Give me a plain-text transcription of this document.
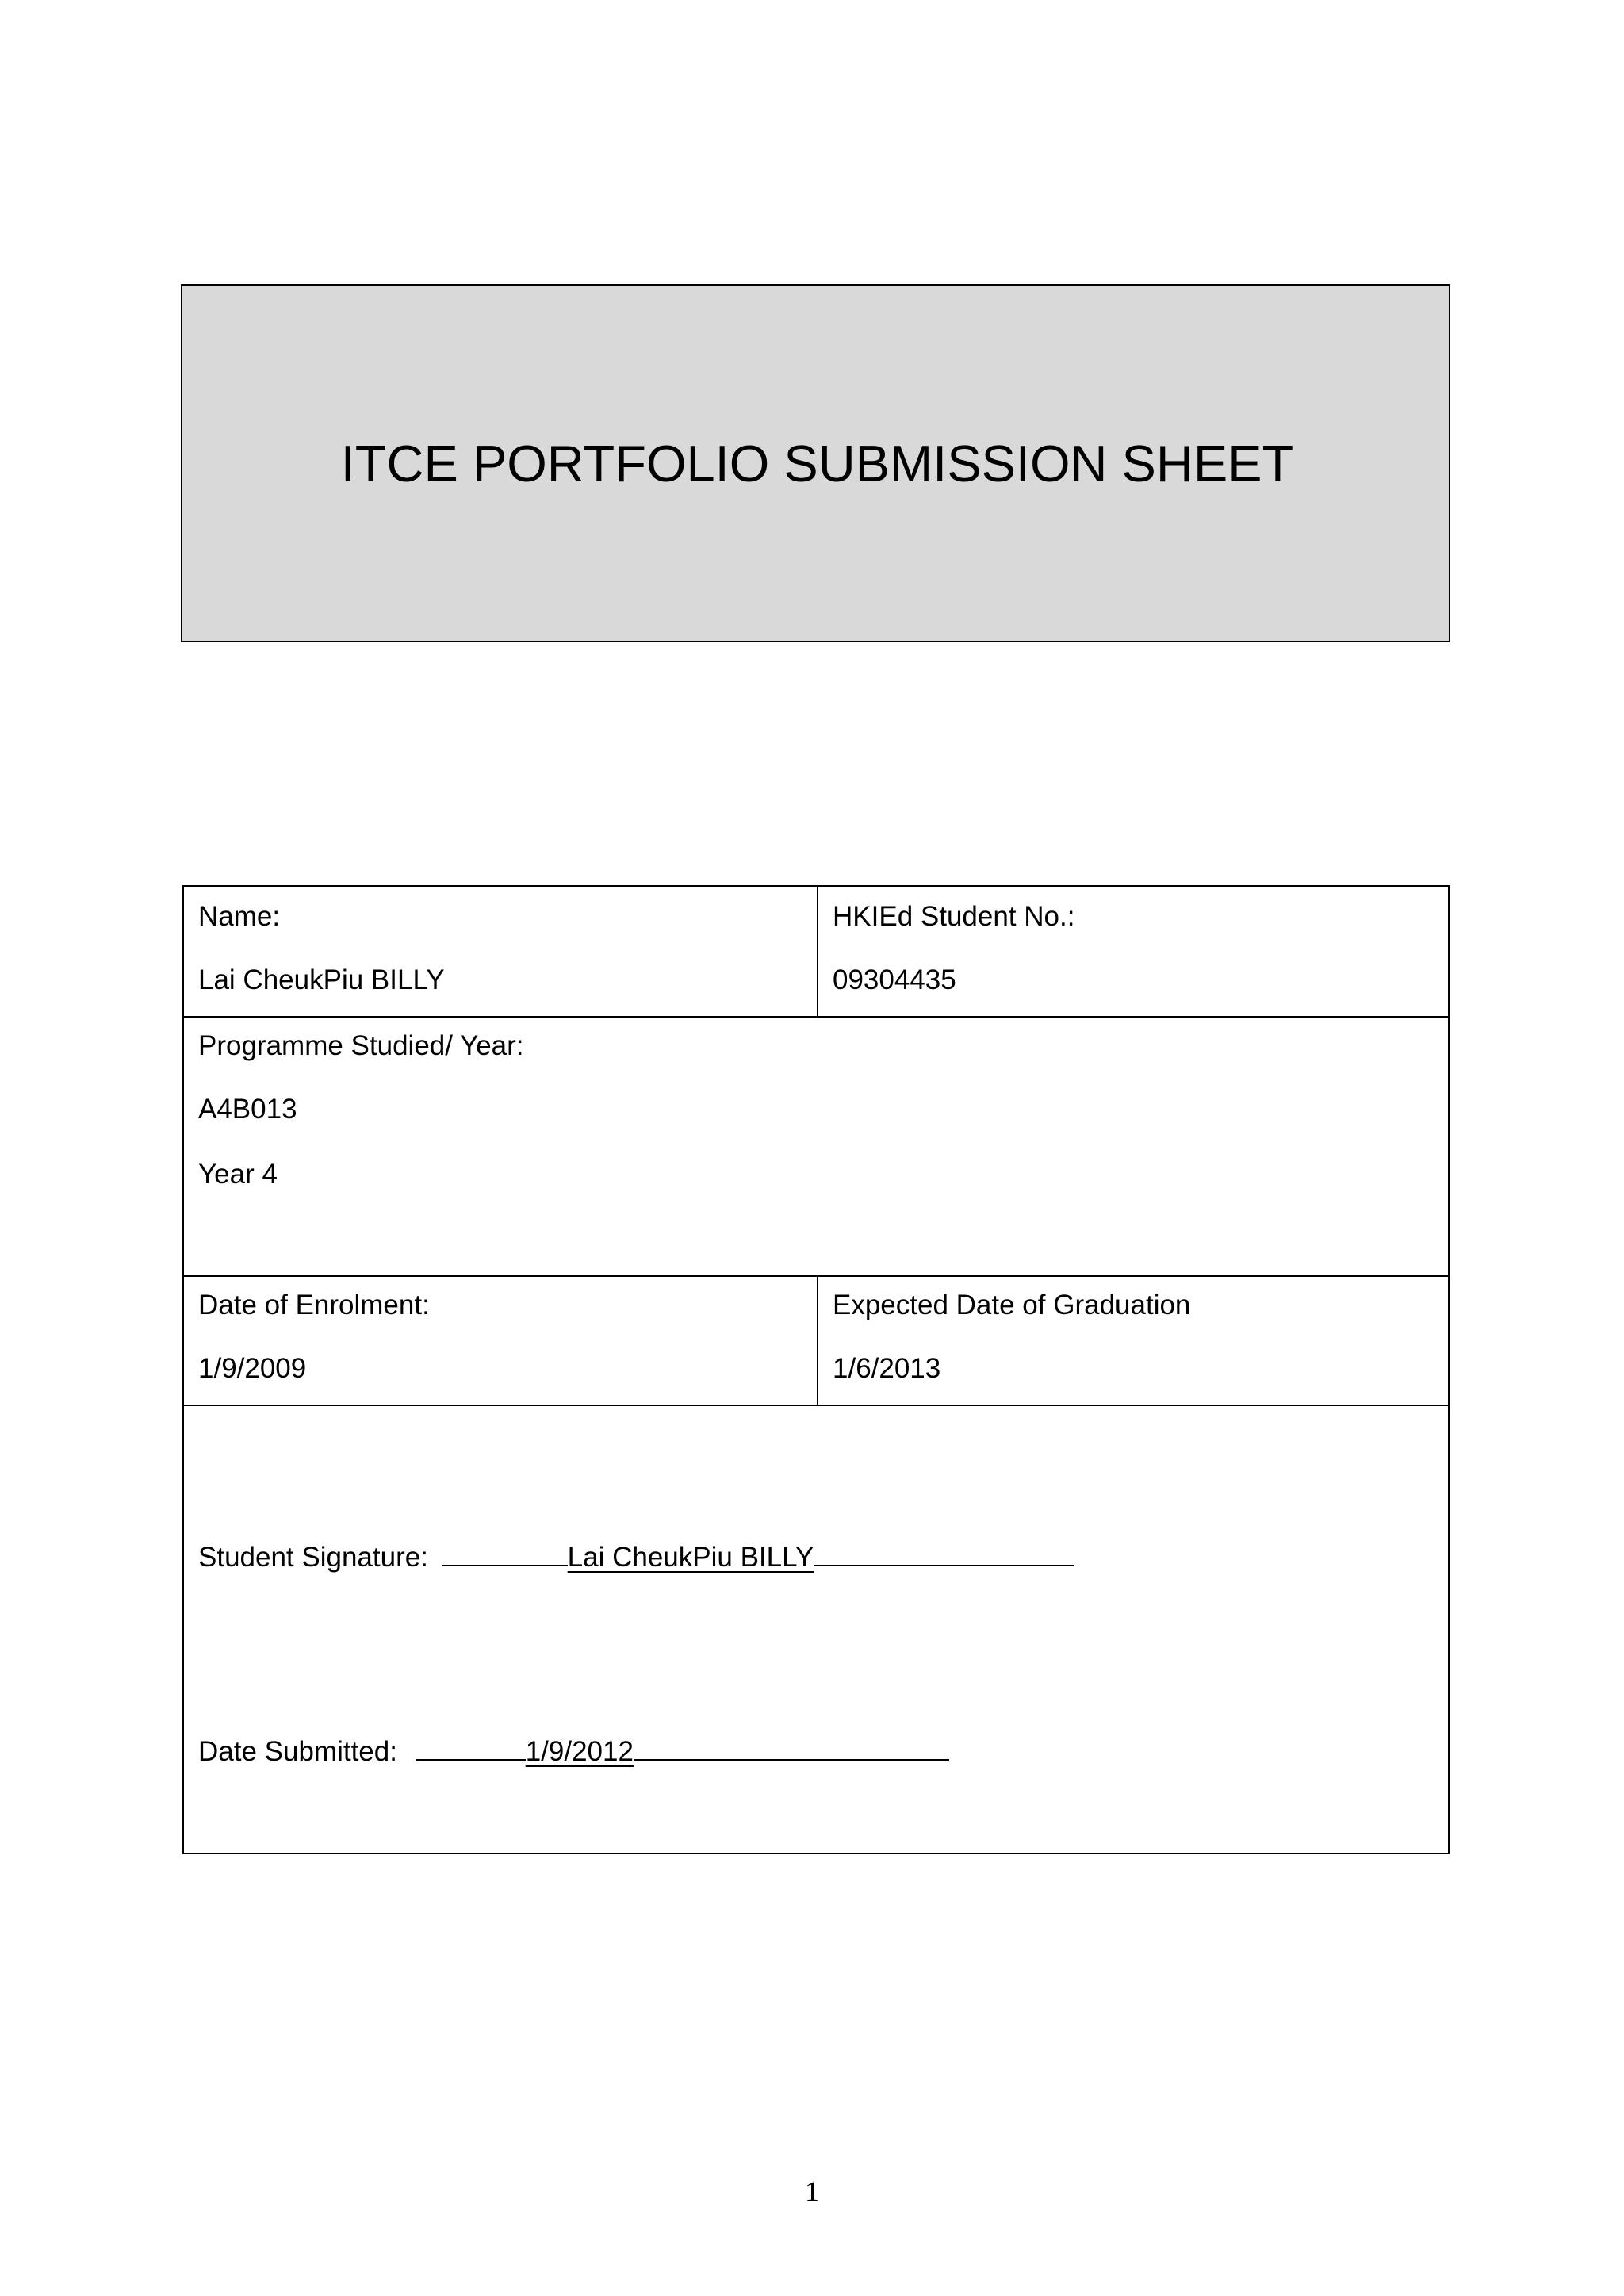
ITCE PORTFOLIO SUBMISSION SHEET
Name:
Lai CheukPiu BILLY
HKIEd Student No.:
09304435
Programme Studied/ Year:
A4B013
Year 4
Date of Enrolment:
1/9/2009
Expected Date of Graduation
1/6/2013
Student Signature:	Lai CheukPiu BILLY
Date Submitted:	1/9/2012
1
